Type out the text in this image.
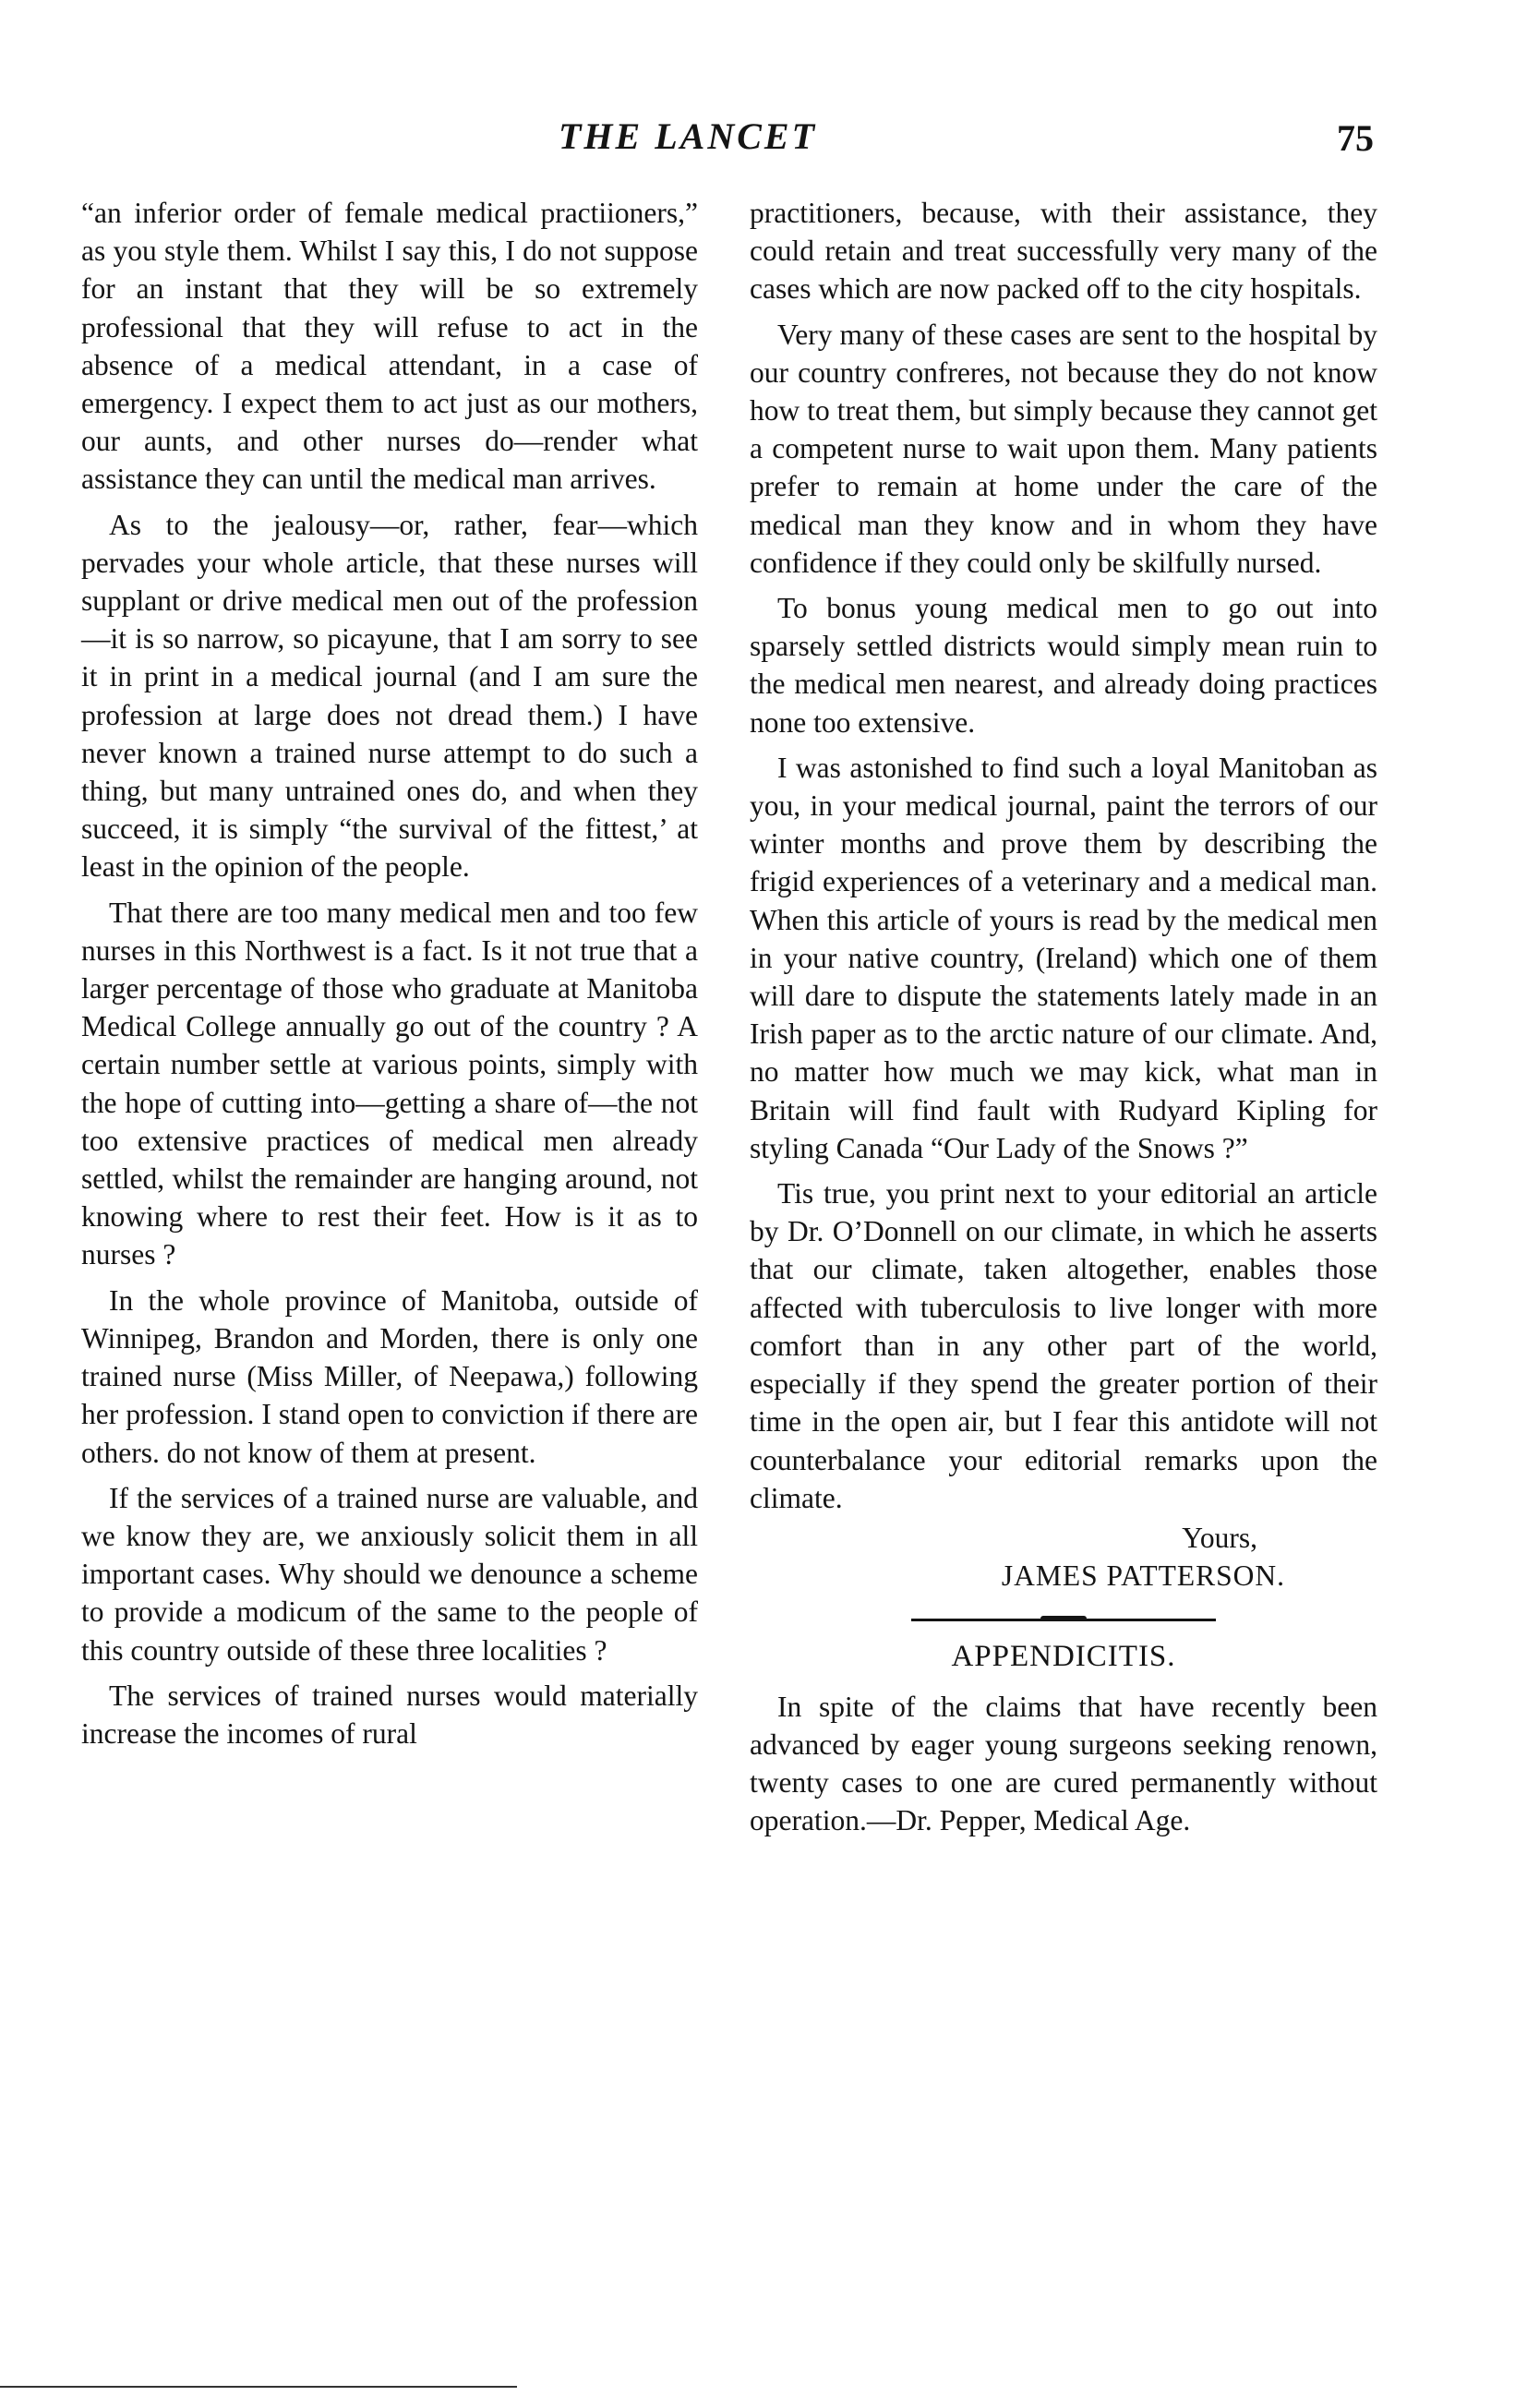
THE LANCET	75

“an inferior order of female medical practiioners,” as you style them. Whilst I say this, I do not suppose for an instant that they will be so extremely professional that they will refuse to act in the absence of a medical attendant, in a case of emergency. I expect them to act just as our mothers, our aunts, and other nurses do—render what assistance they can until the medical man arrives.

As to the jealousy—or, rather, fear—which pervades your whole article, that these nurses will supplant or drive medical men out of the profession—it is so narrow, so picayune, that I am sorry to see it in print in a medical journal (and I am sure the profession at large does not dread them.) I have never known a trained nurse attempt to do such a thing, but many untrained ones do, and when they succeed, it is simply “the survival of the fittest,’ at least in the opinion of the people.

That there are too many medical men and too few nurses in this Northwest is a fact. Is it not true that a larger percentage of those who graduate at Manitoba Medical College annually go out of the country ? A certain number settle at various points, simply with the hope of cutting into—getting a share of—the not too extensive practices of medical men already settled, whilst the remainder are hanging around, not knowing where to rest their feet. How is it as to nurses ?

In the whole province of Manitoba, outside of Winnipeg, Brandon and Morden, there is only one trained nurse (Miss Miller, of Neepawa,) following her profession. I stand open to conviction if there are others. do not know of them at present.

If the services of a trained nurse are valuable, and we know they are, we anxiously solicit them in all important cases. Why should we denounce a scheme to provide a modicum of the same to the people of this country outside of these three localities ?

The services of trained nurses would materially increase the incomes of rural

practitioners, because, with their assistance, they could retain and treat successfully very many of the cases which are now packed off to the city hospitals.

Very many of these cases are sent to the hospital by our country confreres, not because they do not know how to treat them, but simply because they cannot get a competent nurse to wait upon them. Many patients prefer to remain at home under the care of the medical man they know and in whom they have confidence if they could only be skilfully nursed.

To bonus young medical men to go out into sparsely settled districts would simply mean ruin to the medical men nearest, and already doing practices none too extensive.

I was astonished to find such a loyal Manitoban as you, in your medical journal, paint the terrors of our winter months and prove them by describing the frigid experiences of a veterinary and a medical man. When this article of yours is read by the medical men in your native country, (Ireland) which one of them will dare to dispute the statements lately made in an Irish paper as to the arctic nature of our climate. And, no matter how much we may kick, what man in Britain will find fault with Rudyard Kipling for styling Canada “Our Lady of the Snows ?”

Tis true, you print next to your editorial an article by Dr. O’Donnell on our climate, in which he asserts that our climate, taken altogether, enables those affected with tuberculosis to live longer with more comfort than in any other part of the world, especially if they spend the greater portion of their time in the open air, but I fear this antidote will not counterbalance your editorial remarks upon the climate.

Yours,
JAMES PATTERSON.
APPENDICITIS.

In spite of the claims that have recently been advanced by eager young surgeons seeking renown, twenty cases to one are cured permanently without operation.—Dr. Pepper, Medical Age.
